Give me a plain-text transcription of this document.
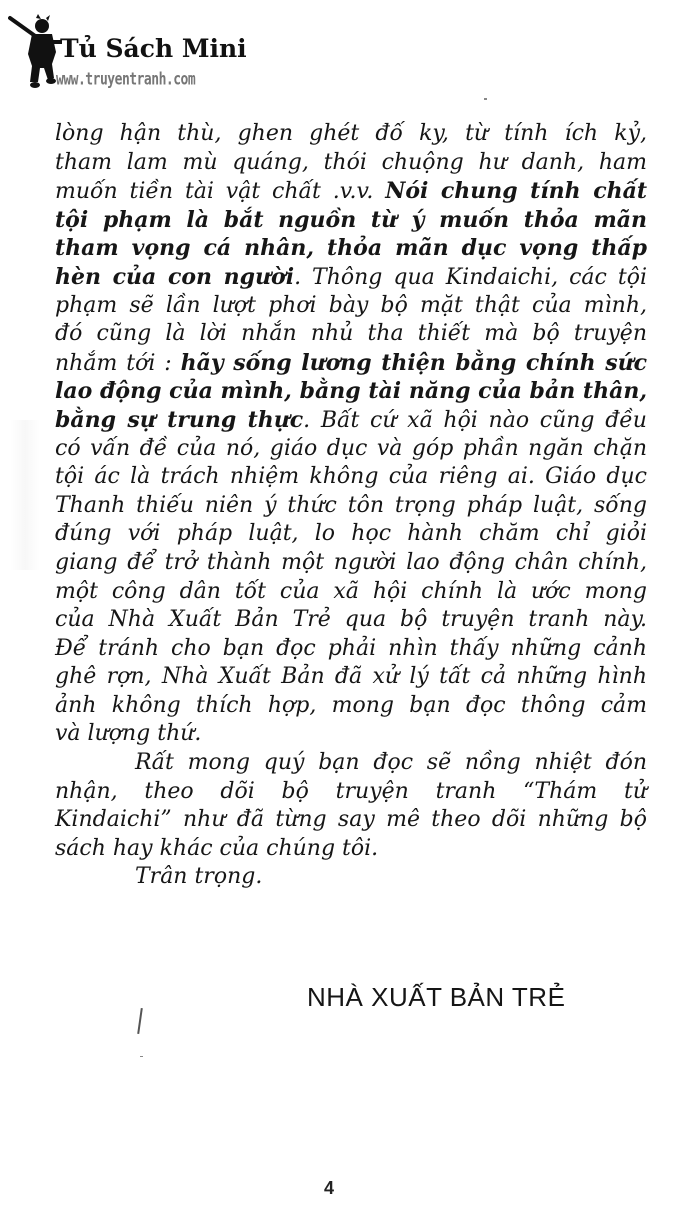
Tủ Sách Mini
www.truyentranh.com
lòng hận thù, ghen ghét đố ky, từ tính ích kỷ,
tham lam mù quáng, thói chuộng hư danh, ham
muốn tiền tài vật chất .v.v. Nói chung tính chất
tội phạm là bắt nguồn từ ý muốn thỏa mãn
tham vọng cá nhân, thỏa mãn dục vọng thấp
hèn của con người. Thông qua Kindaichi, các tội
phạm sẽ lần lượt phơi bày bộ mặt thật của mình,
đó cũng là lời nhắn nhủ tha thiết mà bộ truyện
nhắm tới : hãy sống lương thiện bằng chính sức
lao động của mình, bằng tài năng của bản thân,
bằng sự trung thực. Bất cứ xã hội nào cũng đều
có vấn đề của nó, giáo dục và góp phần ngăn chặn
tội ác là trách nhiệm không của riêng ai. Giáo dục
Thanh thiếu niên ý thức tôn trọng pháp luật, sống
đúng với pháp luật, lo học hành chăm chỉ giỏi
giang để trở thành một người lao động chân chính,
một công dân tốt của xã hội chính là ước mong
của Nhà Xuất Bản Trẻ qua bộ truyện tranh này.
Để tránh cho bạn đọc phải nhìn thấy những cảnh
ghê rợn, Nhà Xuất Bản đã xử lý tất cả những hình
ảnh không thích hợp, mong bạn đọc thông cảm
và lượng thứ.
Rất mong quý bạn đọc sẽ nồng nhiệt đón
nhận, theo dõi bộ truyện tranh “Thám tử
Kindaichi” như đã từng say mê theo dõi những bộ
sách hay khác của chúng tôi.
Trân trọng.
NHÀ XUẤT BẢN TRẺ
4
